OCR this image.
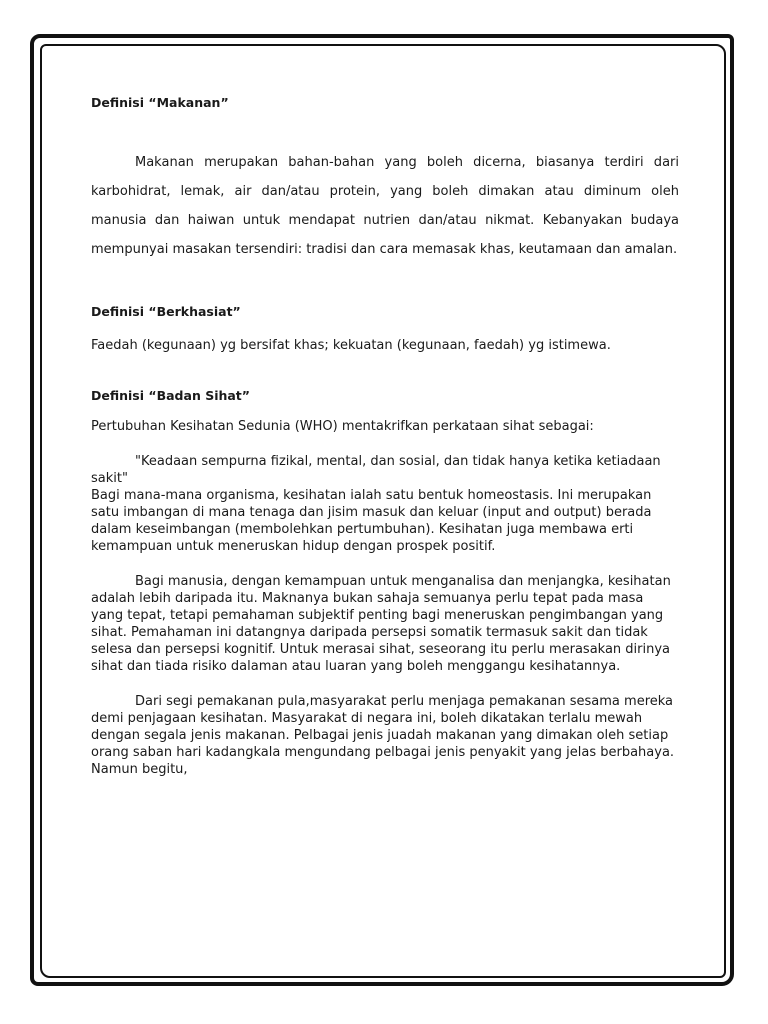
Definisi “Makanan”

Makanan merupakan bahan-bahan yang boleh dicerna, biasanya terdiri dari karbohidrat, lemak, air dan/atau protein, yang boleh dimakan atau diminum oleh manusia dan haiwan untuk mendapat nutrien dan/atau nikmat. Kebanyakan budaya mempunyai masakan tersendiri: tradisi dan cara memasak khas, keutamaan dan amalan.

Definisi “Berkhasiat”

Faedah (kegunaan) yg bersifat khas; kekuatan (kegunaan, faedah) yg istimewa.

Definisi “Badan Sihat”

Pertubuhan Kesihatan Sedunia (WHO) mentakrifkan perkataan sihat sebagai:

"Keadaan sempurna fizikal, mental, dan sosial, dan tidak hanya ketika ketiadaan sakit"

Bagi mana-mana organisma, kesihatan ialah satu bentuk homeostasis. Ini merupakan satu imbangan di mana tenaga dan jisim masuk dan keluar (input and output) berada dalam keseimbangan (membolehkan pertumbuhan). Kesihatan juga membawa erti kemampuan untuk meneruskan hidup dengan prospek positif.

Bagi manusia, dengan kemampuan untuk menganalisa dan menjangka, kesihatan adalah lebih daripada itu. Maknanya bukan sahaja semuanya perlu tepat pada masa yang tepat, tetapi pemahaman subjektif penting bagi meneruskan pengimbangan yang sihat. Pemahaman ini datangnya daripada persepsi somatik termasuk sakit dan tidak selesa dan persepsi kognitif. Untuk merasai sihat, seseorang itu perlu merasakan dirinya sihat dan tiada risiko dalaman atau luaran yang boleh menggangu kesihatannya.

Dari segi pemakanan pula,masyarakat perlu menjaga pemakanan sesama mereka demi penjagaan kesihatan. Masyarakat di negara ini, boleh dikatakan terlalu mewah dengan segala jenis makanan. Pelbagai jenis juadah makanan yang dimakan oleh setiap orang saban hari kadangkala mengundang pelbagai jenis penyakit yang jelas berbahaya. Namun begitu,
